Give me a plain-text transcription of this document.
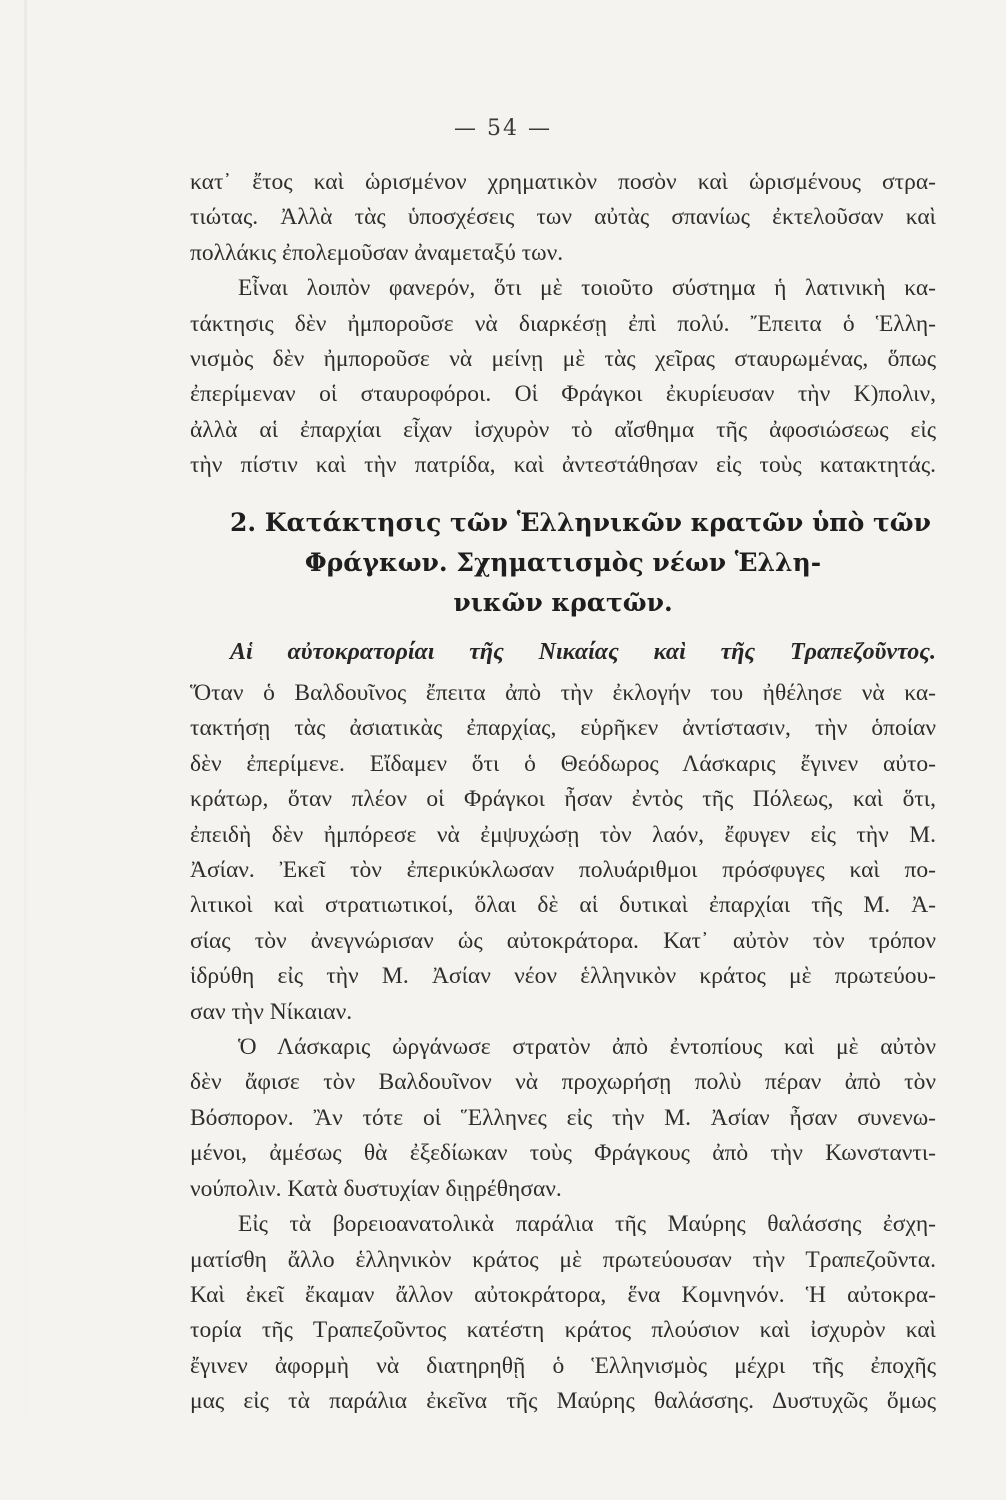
— 54 —
κατ᾽ ἔτος καὶ ὡρισμένον χρηματικὸν ποσὸν καὶ ὡρισμένους στρα-
τιώτας. Ἀλλὰ τὰς ὑποσχέσεις των αὐτὰς σπανίως ἐκτελοῦσαν καὶ
πολλάκις ἐπολεμοῦσαν ἀναμεταξύ των.
Εἶναι λοιπὸν φανερόν, ὅτι μὲ τοιοῦτο σύστημα ἡ λατινικὴ κα-
τάκτησις δὲν ἠμποροῦσε νὰ διαρκέσῃ ἐπὶ πολύ. Ἔπειτα ὁ Ἑλλη-
νισμὸς δὲν ἠμποροῦσε νὰ μείνῃ μὲ τὰς χεῖρας σταυρωμένας, ὅπως
ἐπερίμεναν οἱ σταυροφόροι. Οἱ Φράγκοι ἐκυρίευσαν τὴν Κ)πολιν,
ἀλλὰ αἱ ἐπαρχίαι εἶχαν ἰσχυρὸν τὸ αἴσθημα τῆς ἀφοσιώσεως εἰς
τὴν πίστιν καὶ τὴν πατρίδα, καὶ ἀντεστάθησαν εἰς τοὺς κατακτητάς.
2. Κατάκτησις τῶν Ἑλληνικῶν κρατῶν ὑπὸ τῶν
Φράγκων. Σχηματισμὸς νέων Ἑλλη-
νικῶν κρατῶν.
Αἱ αὐτοκρατορίαι τῆς Νικαίας καὶ τῆς Τραπεζοῦντος.
Ὅταν ὁ Βαλδουῖνος ἔπειτα ἀπὸ τὴν ἐκλογήν του ἠθέλησε νὰ κα-
τακτήσῃ τὰς ἀσιατικὰς ἐπαρχίας, εὑρῆκεν ἀντίστασιν, τὴν ὁποίαν
δὲν ἐπερίμενε. Εἴδαμεν ὅτι ὁ Θεόδωρος Λάσκαρις ἔγινεν αὐτο-
κράτωρ, ὅταν πλέον οἱ Φράγκοι ἦσαν ἐντὸς τῆς Πόλεως, καὶ ὅτι,
ἐπειδὴ δὲν ἠμπόρεσε νὰ ἐμψυχώσῃ τὸν λαόν, ἔφυγεν εἰς τὴν Μ.
Ἀσίαν. Ἐκεῖ τὸν ἐπερικύκλωσαν πολυάριθμοι πρόσφυγες καὶ πο-
λιτικοὶ καὶ στρατιωτικοί, ὅλαι δὲ αἱ δυτικαὶ ἐπαρχίαι τῆς Μ. Ἀ-
σίας τὸν ἀνεγνώρισαν ὡς αὐτοκράτορα. Κατ᾽ αὐτὸν τὸν τρόπον
ἱδρύθη εἰς τὴν Μ. Ἀσίαν νέον ἑλληνικὸν κράτος μὲ πρωτεύου-
σαν τὴν Νίκαιαν.
Ὁ Λάσκαρις ὠργάνωσε στρατὸν ἀπὸ ἐντοπίους καὶ μὲ αὐτὸν
δὲν ἄφισε τὸν Βαλδουῖνον νὰ προχωρήσῃ πολὺ πέραν ἀπὸ τὸν
Βόσπορον. Ἂν τότε οἱ Ἕλληνες εἰς τὴν Μ. Ἀσίαν ἦσαν συνενω-
μένοι, ἀμέσως θὰ ἐξεδίωκαν τοὺς Φράγκους ἀπὸ τὴν Κωνσταντι-
νούπολιν. Κατὰ δυστυχίαν διῃρέθησαν.
Εἰς τὰ βορειοανατολικὰ παράλια τῆς Μαύρης θαλάσσης ἐσχη-
ματίσθη ἄλλο ἑλληνικὸν κράτος μὲ πρωτεύουσαν τὴν Τραπεζοῦντα.
Καὶ ἐκεῖ ἔκαμαν ἄλλον αὐτοκράτορα, ἕνα Κομνηνόν. Ἡ αὐτοκρα-
τορία τῆς Τραπεζοῦντος κατέστη κράτος πλούσιον καὶ ἰσχυρὸν καὶ
ἔγινεν ἀφορμὴ νὰ διατηρηθῇ ὁ Ἑλληνισμὸς μέχρι τῆς ἐποχῆς
μας εἰς τὰ παράλια ἐκεῖνα τῆς Μαύρης θαλάσσης. Δυστυχῶς ὅμως
